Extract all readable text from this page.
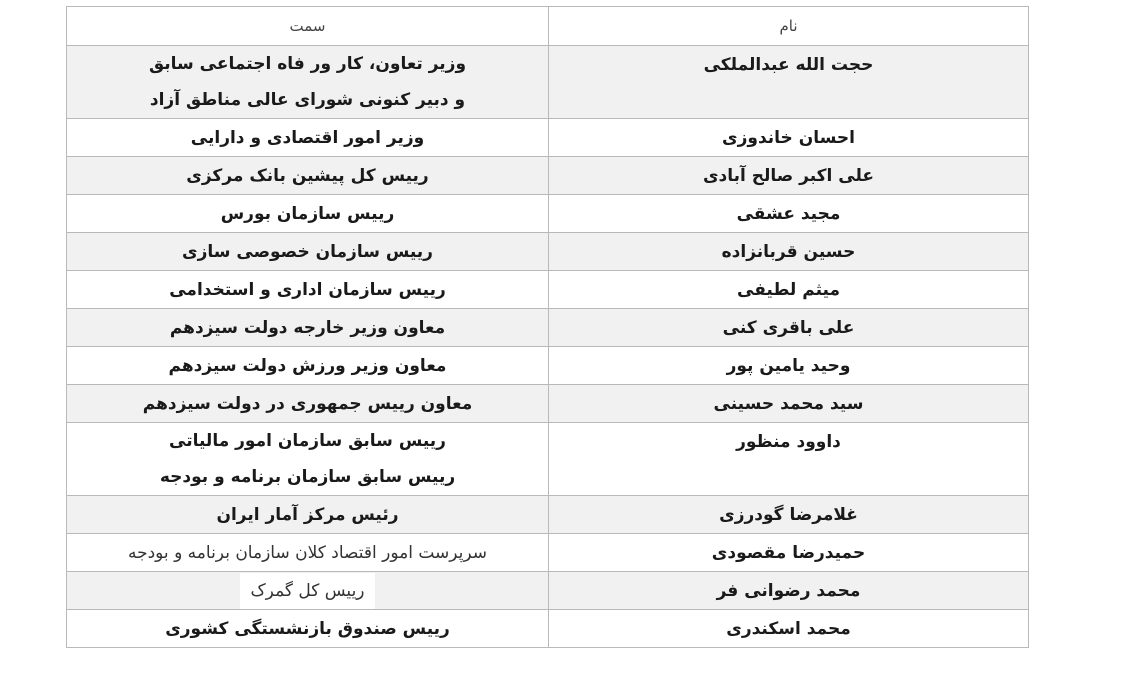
سمت	نام

وزیر تعاون، کار ور فاه اجتماعی سابق
و دبیر کنونی شورای عالی مناطق آزاد	حجت الله عبدالملکی

وزیر امور اقتصادی و دارایی	احسان خاندوزی

رییس کل پیشین بانک مرکزی	علی اکبر صالح آبادی

رییس سازمان بورس	مجید عشقی

رییس سازمان خصوصی سازی	حسین قربانزاده

رییس سازمان اداری و استخدامی	میثم لطیفی

معاون وزیر خارجه دولت سیزدهم	علی باقری کنی

معاون وزیر ورزش دولت سیزدهم	وحید یامین پور

معاون رییس جمهوری در دولت سیزدهم	سید محمد حسینی

رییس سابق سازمان امور مالیاتی
رییس سابق سازمان برنامه و بودجه	داوود منظور

رئیس مرکز آمار ایران	غلامرضا گودرزی

سرپرست امور اقتصاد کلان سازمان برنامه و بودجه	حمیدرضا مقصودی

رییس کل گمرک	محمد رضوانی فر

رییس صندوق بازنشستگی کشوری	محمد اسکندری
